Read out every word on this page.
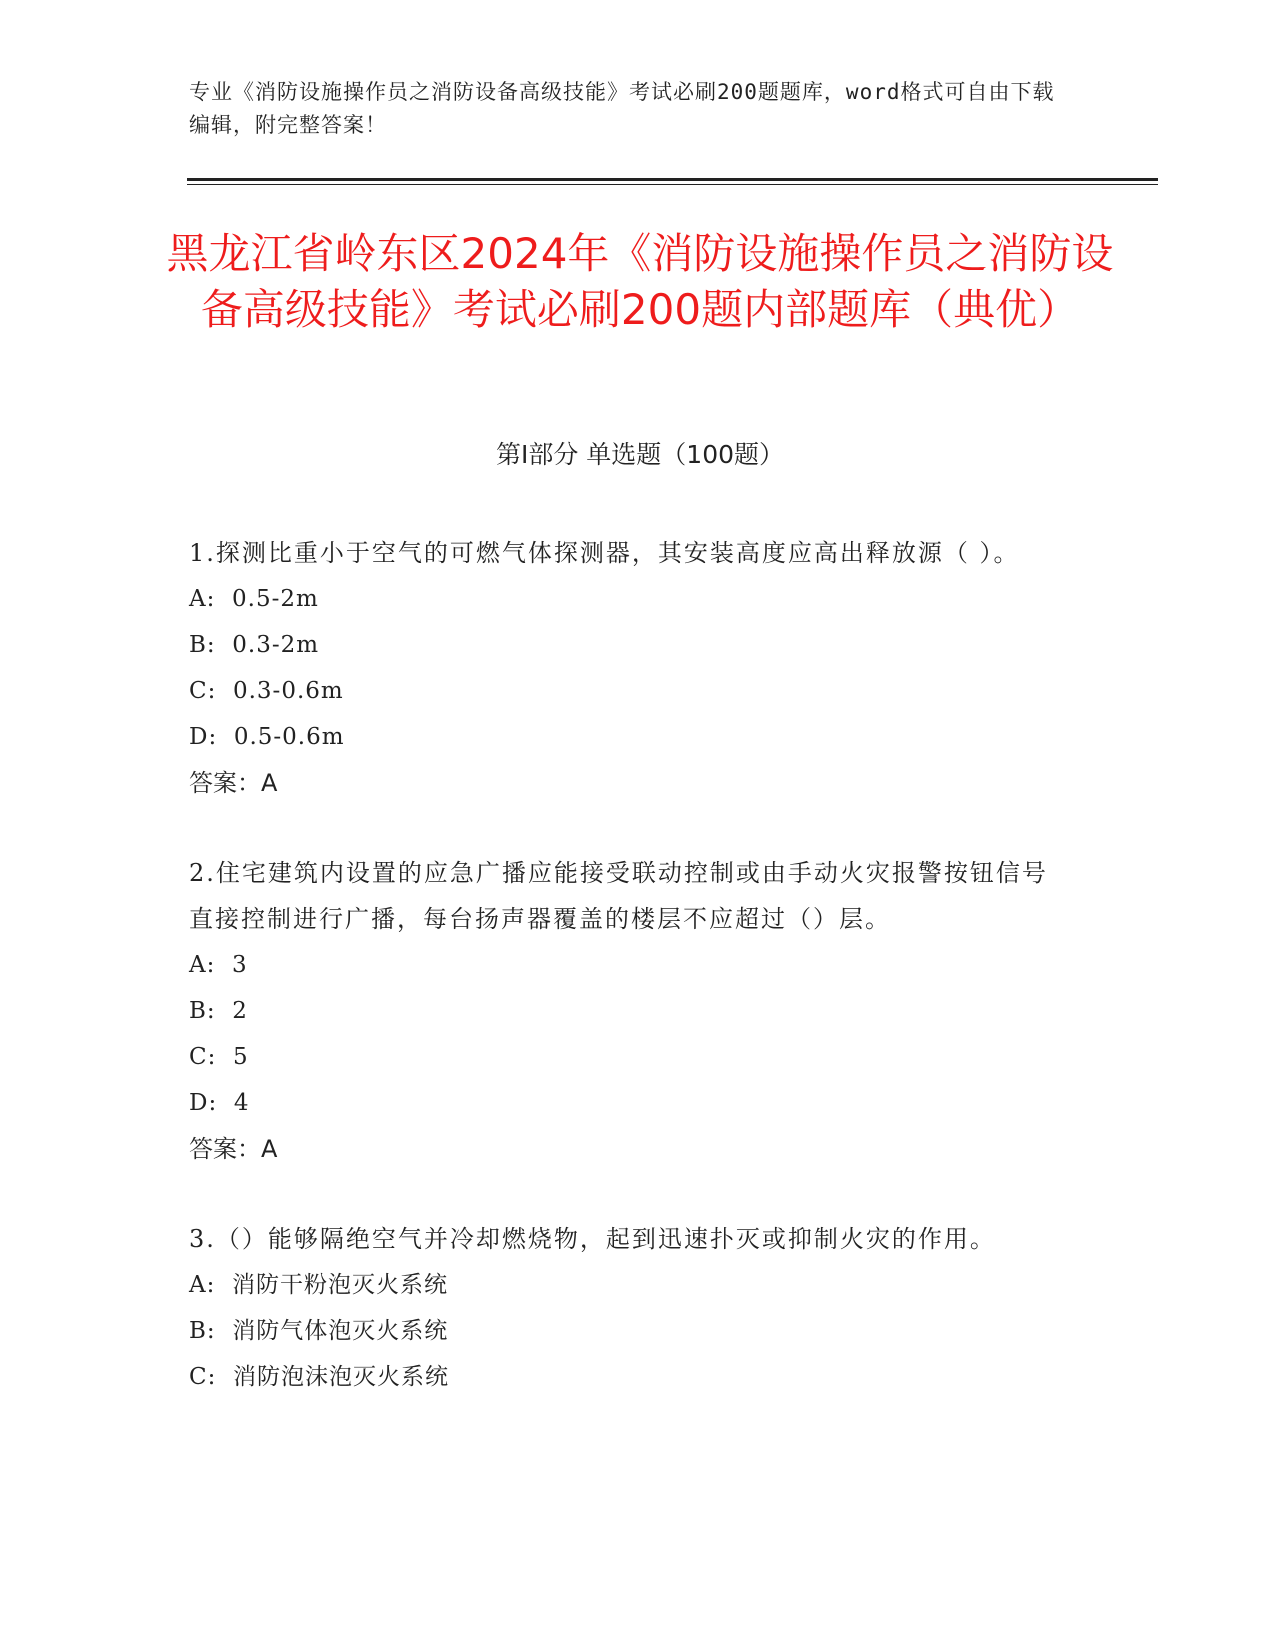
专业《消防设施操作员之消防设备高级技能》考试必刷200题题库，word格式可自由下载编辑，附完整答案！
黑龙江省岭东区2024年《消防设施操作员之消防设备高级技能》考试必刷200题内部题库（典优）
第Ⅰ部分 单选题（100题）

1.探测比重小于空气的可燃气体探测器，其安装高度应高出释放源（ ）。

A:  0.5-2m

B:  0.3-2m

C:  0.3-0.6m

D:  0.5-0.6m

答案：A

2.住宅建筑内设置的应急广播应能接受联动控制或由手动火灾报警按钮信号直接控制进行广播，每台扬声器覆盖的楼层不应超过（）层。

A:  3

B:  2

C:  5

D:  4

答案：A

3.（）能够隔绝空气并冷却燃烧物，起到迅速扑灭或抑制火灾的作用。

A:  消防干粉泡灭火系统

B:  消防气体泡灭火系统

C:  消防泡沫泡灭火系统
